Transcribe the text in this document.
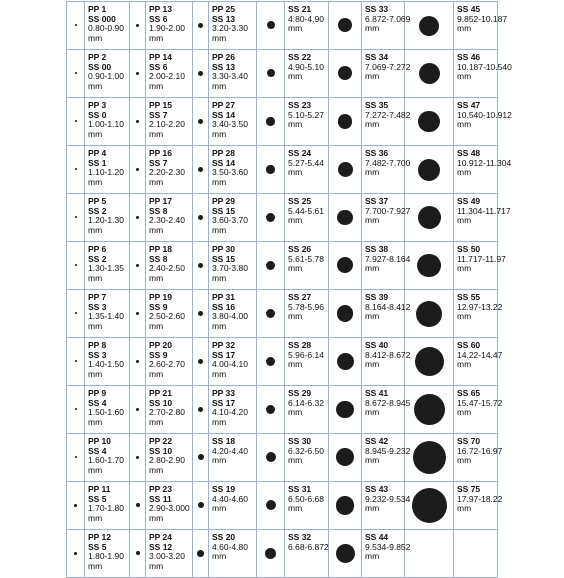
	PP 1
SS 000
0.80-0.90
mm		PP 13
SS 6
1.90-2.00
mm		PP 25
SS 13
3.20-3.30
mm		SS 21
4.80-4.90
mm		SS 33
6.872-7.069
mm		SS 45
9.852-10.187
mm

	PP 2
SS 00
0.90-1.00
mm		PP 14
SS 6
2.00-2.10
mm		PP 26
SS 13
3.30-3.40
mm		SS 22
4.90-5.10
mm		SS 34
7.069-7.272
mm		SS 46
10.187-10.540
mm

	PP 3
SS 0
1.00-1.10
mm		PP 15
SS 7
2.10-2.20
mm		PP 27
SS 14
3.40-3.50
mm		SS 23
5.10-5.27
mm		SS 35
7.272-7.482
mm		SS 47
10.540-10.912
mm

	PP 4
SS 1
1.10-1.20
mm		PP 16
SS 7
2.20-2.30
mm		PP 28
SS 14
3.50-3.60
mm		SS 24
5.27-5.44
mm		SS 36
7.482-7.700
mm		SS 48
10.912-11.304
mm

	PP 5
SS 2
1.20-1.30
mm		PP 17
SS 8
2.30-2.40
mm		PP 29
SS 15
3.60-3.70
mm		SS 25
5.44-5.61
mm		SS 37
7.700-7.927
mm		SS 49
11.304-11.717
mm

	PP 6
SS 2
1.30-1.35
mm		PP 18
SS 8
2.40-2.50
mm		PP 30
SS 15
3.70-3.80
mm		SS 26
5.61-5.78
mm		SS 38
7.927-8.164
mm		SS 50
11.717-11.97
mm

	PP 7
SS 3
1.35-1.40
mm		PP 19
SS 9
2.50-2.60
mm		PP 31
SS 16
3.80-4.00
mm		SS 27
5.78-5.96
mm		SS 39
8.164-8.412
mm		SS 55
12.97-13.22
mm

	PP 8
SS 3
1.40-1.50
mm		PP 20
SS 9
2.60-2.70
mm		PP 32
SS 17
4.00-4.10
mm		SS 28
5.96-6.14
mm		SS 40
8.412-8.672
mm		SS 60
14.22-14.47
mm

	PP 9
SS 4
1.50-1.60
mm		PP 21
SS 10
2.70-2.80
mm		PP 33
SS 17
4.10-4.20
mm		SS 29
6.14-6.32
mm		SS 41
8.672-8.945
mm		SS 65
15.47-15.72
mm

	PP 10
SS 4
1.60-1.70
mm		PP 22
SS 10
2.80-2.90
mm		SS 18
4.20-4.40
mm		SS 30
6.32-6.50
mm		SS 42
8.945-9.232
mm		SS 70
16.72-16.97
mm

	PP 11
SS 5
1.70-1.80
mm		PP 23
SS 11
2.90-3.000
mm		SS 19
4.40-4.60
mm		SS 31
6.50-6.68
mm		SS 43
9.232-9.534
mm		SS 75
17.97-18.22
mm

	PP 12
SS 5
1.80-1.90
mm		PP 24
SS 12
3.00-3.20
mm		SS 20
4.60-4.80
mm		SS 32
6.68-6.872		SS 44
9.534-9.852
mm		
